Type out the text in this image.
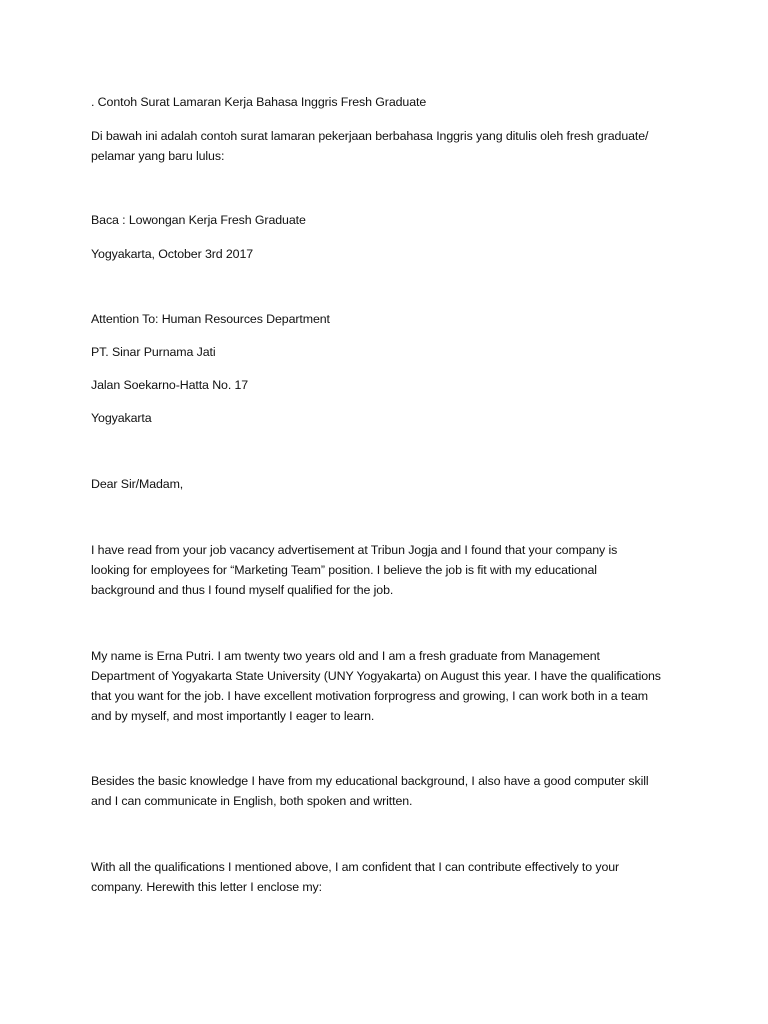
. Contoh Surat Lamaran Kerja Bahasa Inggris Fresh Graduate
Di bawah ini adalah contoh surat lamaran pekerjaan berbahasa Inggris yang ditulis oleh fresh graduate/
pelamar yang baru lulus:
Baca : Lowongan Kerja Fresh Graduate
Yogyakarta, October 3rd 2017
Attention To: Human Resources Department
PT. Sinar Purnama Jati
Jalan Soekarno-Hatta No. 17
Yogyakarta
Dear Sir/Madam,
I have read from your job vacancy advertisement at Tribun Jogja and I found that your company is
looking for employees for “Marketing Team” position. I believe the job is fit with my educational
background and thus I found myself qualified for the job.
My name is Erna Putri. I am twenty two years old and I am a fresh graduate from Management
Department of Yogyakarta State University (UNY Yogyakarta) on August this year. I have the qualifications
that you want for the job. I have excellent motivation forprogress and growing, I can work both in a team
and by myself, and most importantly I eager to learn.
Besides the basic knowledge I have from my educational background, I also have a good computer skill
and I can communicate in English, both spoken and written.
With all the qualifications I mentioned above, I am confident that I can contribute effectively to your
company. Herewith this letter I enclose my:
